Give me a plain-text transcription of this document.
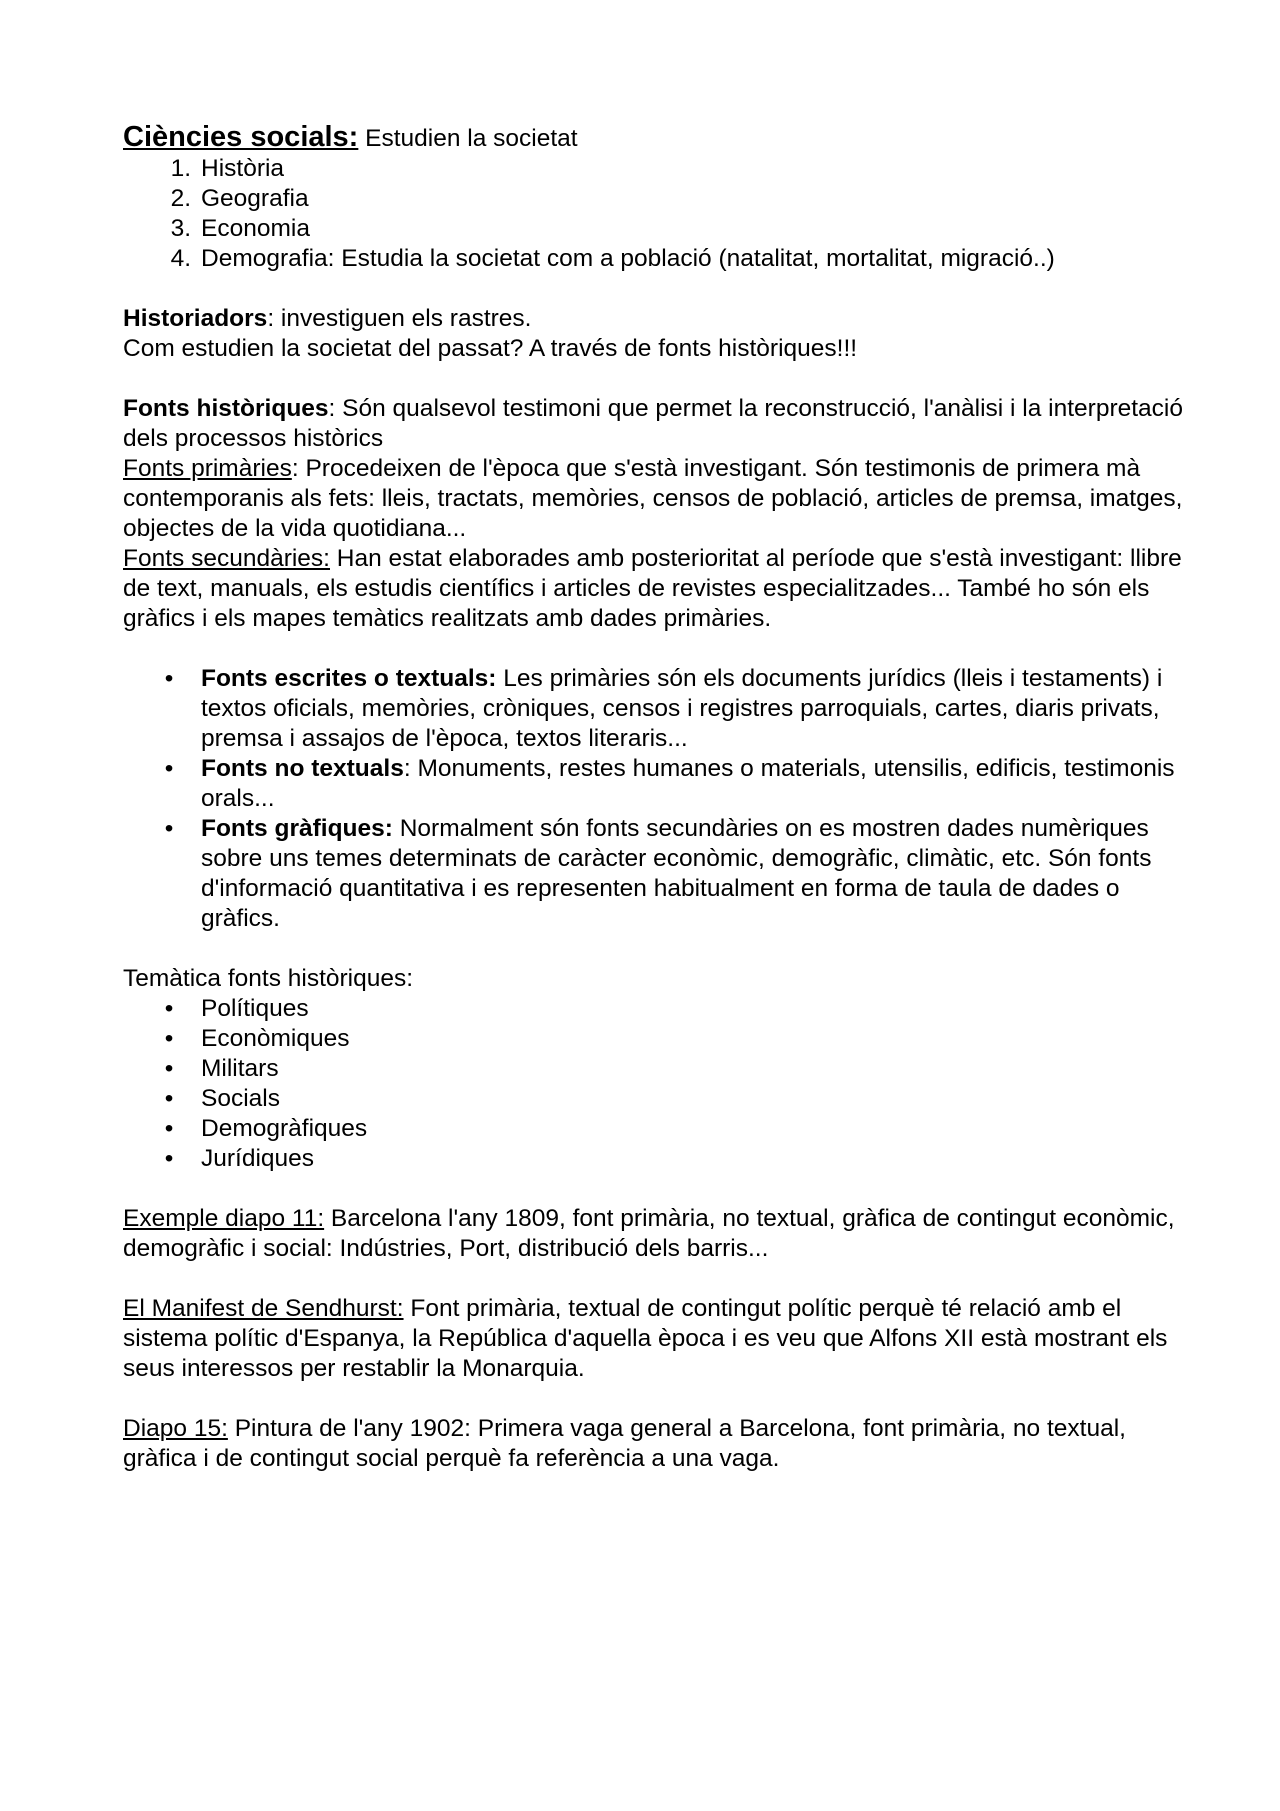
Ciències socials: Estudien la societat

1. Història
2. Geografia
3. Economia
4. Demografia: Estudia la societat com a població (natalitat, mortalitat, migració..)

Historiadors: investiguen els rastres.

Com estudien la societat del passat? A través de fonts històriques!!!

Fonts històriques: Són qualsevol testimoni que permet la reconstrucció, l'anàlisi i la interpretació dels processos històrics

Fonts primàries: Procedeixen de l'època que s'està investigant. Són testimonis de primera mà contemporanis als fets: lleis, tractats, memòries, censos de població, articles de premsa, imatges, objectes de la vida quotidiana...

Fonts secundàries: Han estat elaborades amb posterioritat al període que s'està investigant: llibre de text, manuals, els estudis científics i articles de revistes especialitzades... També ho són els gràfics i els mapes temàtics realitzats amb dades primàries.

• Fonts escrites o textuals: Les primàries són els documents jurídics (lleis i testaments) i textos oficials, memòries, cròniques, censos i registres parroquials, cartes, diaris privats, premsa i assajos de l'època, textos literaris...
• Fonts no textuals: Monuments, restes humanes o materials, utensilis, edificis, testimonis orals...
• Fonts gràfiques: Normalment són fonts secundàries on es mostren dades numèriques sobre uns temes determinats de caràcter econòmic, demogràfic, climàtic, etc. Són fonts d'informació quantitativa i es representen habitualment en forma de taula de dades o gràfics.

Temàtica fonts històriques:

• Polítiques
• Econòmiques
• Militars
• Socials
• Demogràfiques
• Jurídiques

Exemple diapo 11: Barcelona l'any 1809, font primària, no textual, gràfica de contingut econòmic, demogràfic i social: Indústries, Port, distribució dels barris...

El Manifest de Sendhurst: Font primària, textual de contingut polític perquè té relació amb el sistema polític d'Espanya, la República d'aquella època i es veu que Alfons XII està mostrant els seus interessos per restablir la Monarquia.

Diapo 15: Pintura de l'any 1902: Primera vaga general a Barcelona, font primària, no textual, gràfica i de contingut social perquè fa referència a una vaga.
